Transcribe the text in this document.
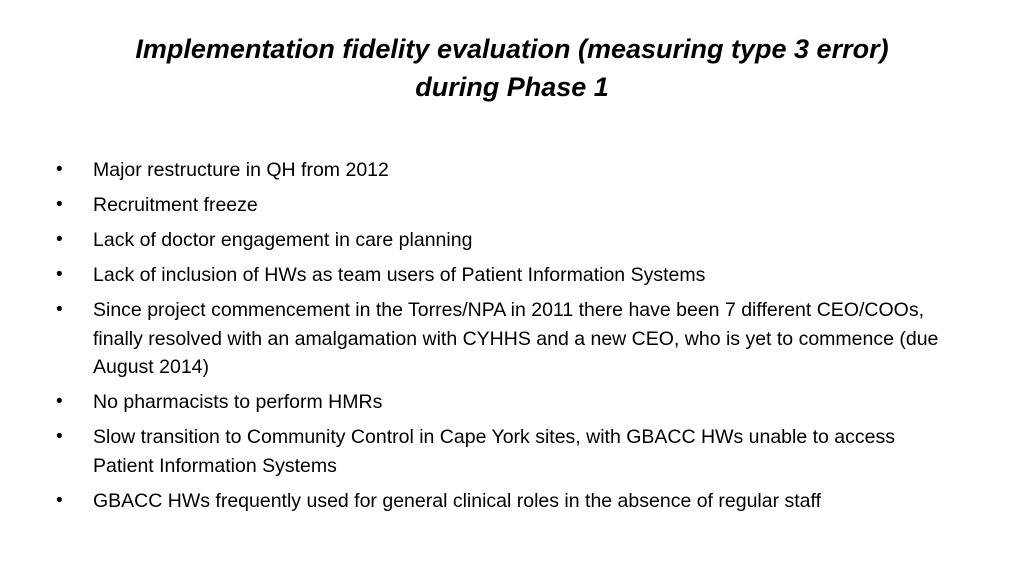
Implementation fidelity evaluation (measuring type 3 error)
during Phase 1
• Major restructure in QH from 2012
• Recruitment freeze
• Lack of doctor engagement in care planning
• Lack of inclusion of HWs as team users of Patient Information Systems
• Since project commencement in the Torres/NPA in 2011 there have been 7 different CEO/COOs, finally resolved with an amalgamation with CYHHS and a new CEO, who is yet to commence (due August 2014)
• No pharmacists to perform HMRs
• Slow transition to Community Control in Cape York sites, with GBACC HWs unable to access Patient Information Systems
• GBACC HWs frequently used for general clinical roles in the absence of regular staff
